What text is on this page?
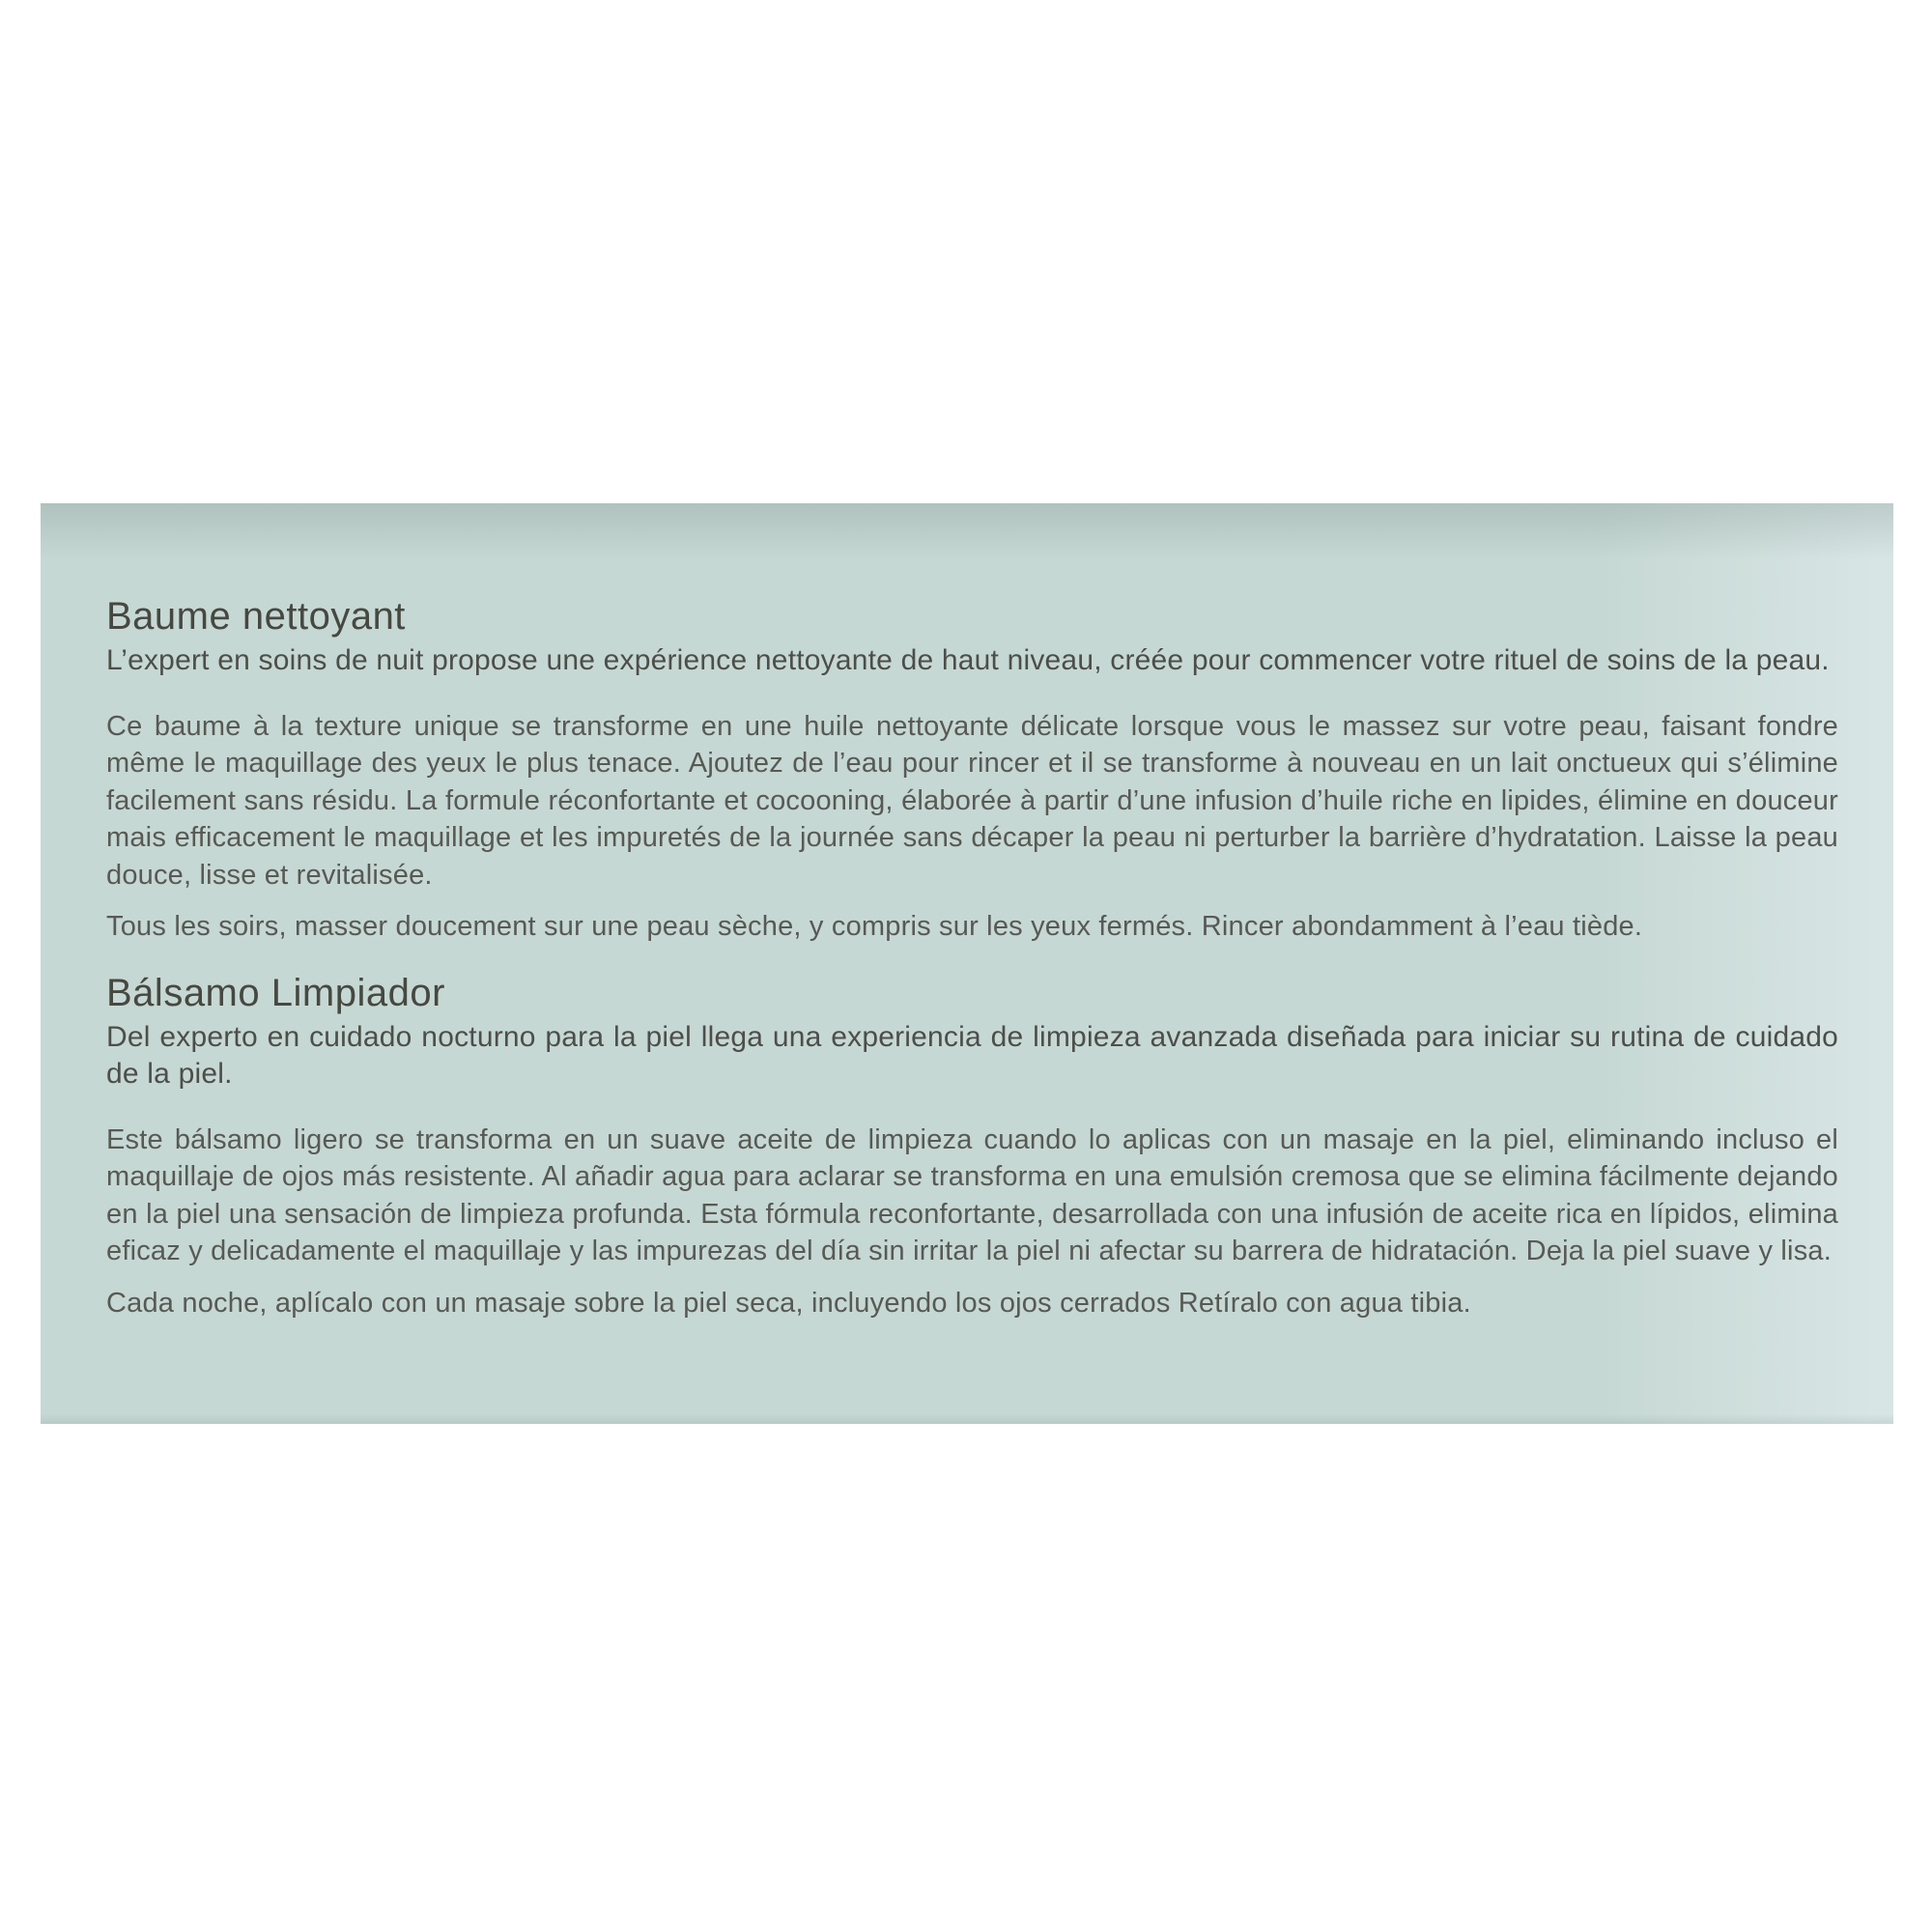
Baume nettoyant

L’expert en soins de nuit propose une expérience nettoyante de haut niveau, créée pour commencer votre rituel de soins de la peau.

Ce baume à la texture unique se transforme en une huile nettoyante délicate lorsque vous le massez sur votre peau, faisant fondre même le maquillage des yeux le plus tenace. Ajoutez de l’eau pour rincer et il se transforme à nouveau en un lait onctueux qui s’élimine facilement sans résidu. La formule réconfortante et cocooning, élaborée à partir d’une infusion d’huile riche en lipides, élimine en douceur mais efficacement le maquillage et les impuretés de la journée sans décaper la peau ni perturber la barrière d’hydratation. Laisse la peau douce, lisse et revitalisée.

Tous les soirs, masser doucement sur une peau sèche, y compris sur les yeux fermés. Rincer abondamment à l’eau tiède.

Bálsamo Limpiador

Del experto en cuidado nocturno para la piel llega una experiencia de limpieza avanzada diseñada para iniciar su rutina de cuidado de la piel.

Este bálsamo ligero se transforma en un suave aceite de limpieza cuando lo aplicas con un masaje en la piel, eliminando incluso el maquillaje de ojos más resistente. Al añadir agua para aclarar se transforma en una emulsión cremosa que se elimina fácilmente dejando en la piel una sensación de limpieza profunda. Esta fórmula reconfortante, desarrollada con una infusión de aceite rica en lípidos, elimina eficaz y delicadamente el maquillaje y las impurezas del día sin irritar la piel ni afectar su barrera de hidratación. Deja la piel suave y lisa.

Cada noche, aplícalo con un masaje sobre la piel seca, incluyendo los ojos cerrados Retíralo con agua tibia.
